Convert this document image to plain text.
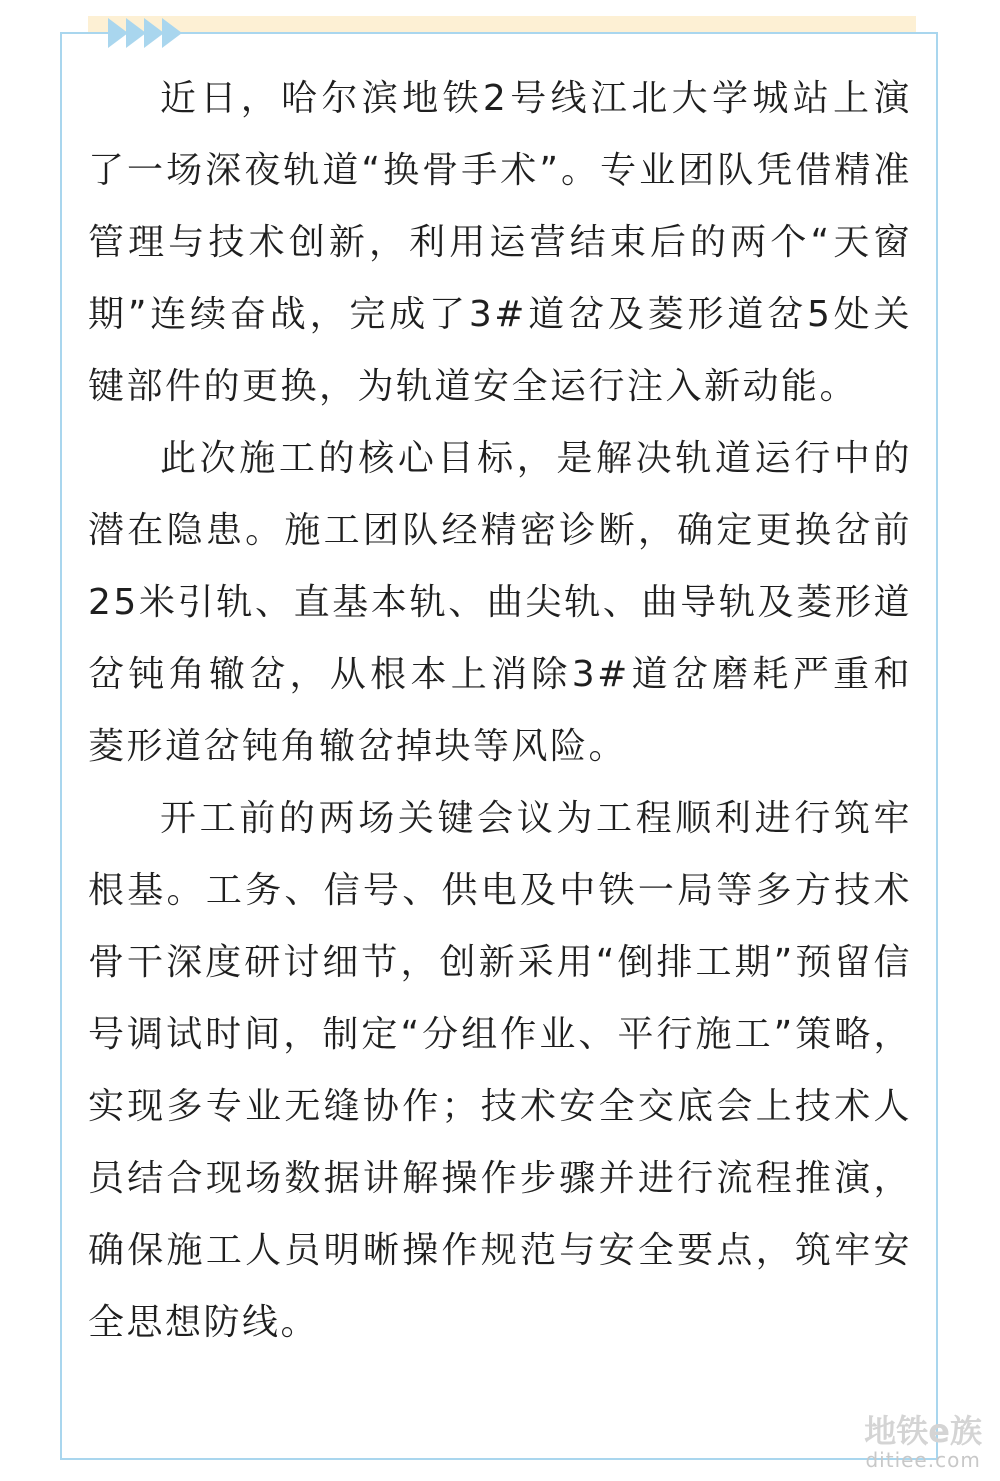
近日，哈尔滨地铁2号线江北大学城站上演了一场深夜轨道“换骨手术”。专业团队凭借精准管理与技术创新，利用运营结束后的两个“天窗期”连续奋战，完成了3#道岔及菱形道岔5处关键部件的更换，为轨道安全运行注入新动能。

此次施工的核心目标，是解决轨道运行中的潜在隐患。施工团队经精密诊断，确定更换岔前25米引轨、直基本轨、曲尖轨、曲导轨及菱形道岔钝角辙岔，从根本上消除3#道岔磨耗严重和菱形道岔钝角辙岔掉块等风险。

开工前的两场关键会议为工程顺利进行筑牢根基。工务、信号、供电及中铁一局等多方技术骨干深度研讨细节，创新采用“倒排工期”预留信号调试时间，制定“分组作业、平行施工”策略，实现多专业无缝协作；技术安全交底会上技术人员结合现场数据讲解操作步骤并进行流程推演，确保施工人员明晰操作规范与安全要点，筑牢安全思想防线。

地铁e族
ditiee.com
